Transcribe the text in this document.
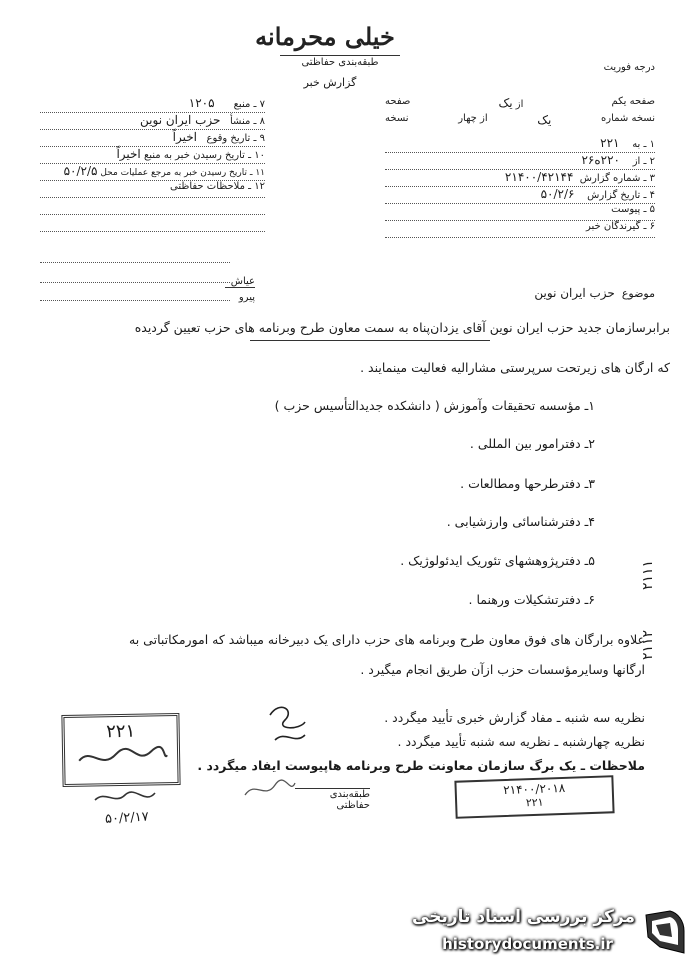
خیلی محرمانه
طبقه‌بندی حفاظتی
گزارش خبر
درجه فوریت
صفحه یکم
از یک
صفحه
نسخه شماره
یک
از چهار
نسخه
۱ ـ به    ۲۲۱
۲ ـ از    ۲۲۰ه۲۶
۳ ـ شماره گزارش  ۲۱۴۰۰/۴۲۱۴۴
۴ ـ تاریخ گزارش    ۵۰/۲/۶
۵ ـ پیوست
۶ ـ گیرندگان خبر
۷ ـ منبع      ۱۲۰۵
۸ ـ منشأ   حزب ایران نوین
۹ ـ تاریخ وقوع   اخیراً
۱۰ ـ تاریخ رسیدن خبر به منبع اخیراً
۱۱ ـ تاریخ رسیدن خبر به مرجع عملیات محل ۵۰/۲/۵
۱۲ ـ ملاحظات حفاظتی
عیاش
پیرو	موضوع  حزب ایران نوین
برابرسازمان جدید حزب ایران نوین آقای یزدان‌پناه به سمت معاون طرح وبرنامه های حزب تعیین گردیده
که ارگان های زیرتحت سرپرستی مشارالیه فعالیت مینمایند .
۱ـ مؤسسه تحقیقات وآموزش ( دانشکده جدیدالتأسیس حزب )
۲ـ دفترامور بین المللی .
۳ـ دفترطرحها ومطالعات .
۴ـ دفترشناسائی وارزشیابی .
۵ـ دفترپژوهشهای تئوریک ایدئولوژیک .
۶ـ دفترتشکیلات ورهنما .
علاوه برارگان های فوق معاون طرح وبرنامه های حزب دارای یک دبیرخانه میباشد که امورمکاتباتی به
ارگانها وسایرمؤسسات حزب ازآن طریق انجام میگیرد .
نظریه سه شنبه ـ مفاد گزارش خبری تأیید میگردد .
نظریه چهارشنبه ـ نظریه سه شنبه تأیید میگردد .
ملاحظات ـ یک برگ سازمان معاونت طرح وبرنامه هاپیوست ایفاد میگردد .
طبقه‌بندی حفاظتی
۲۲۱
۵۰/۲/۱۷
۲۱۴۰۰/۲۰۱۸
۲۲۱
۲۱۱۱
۲۱۱۲
مرکز بررسی اسناد تاریخی
historydocuments.ir
